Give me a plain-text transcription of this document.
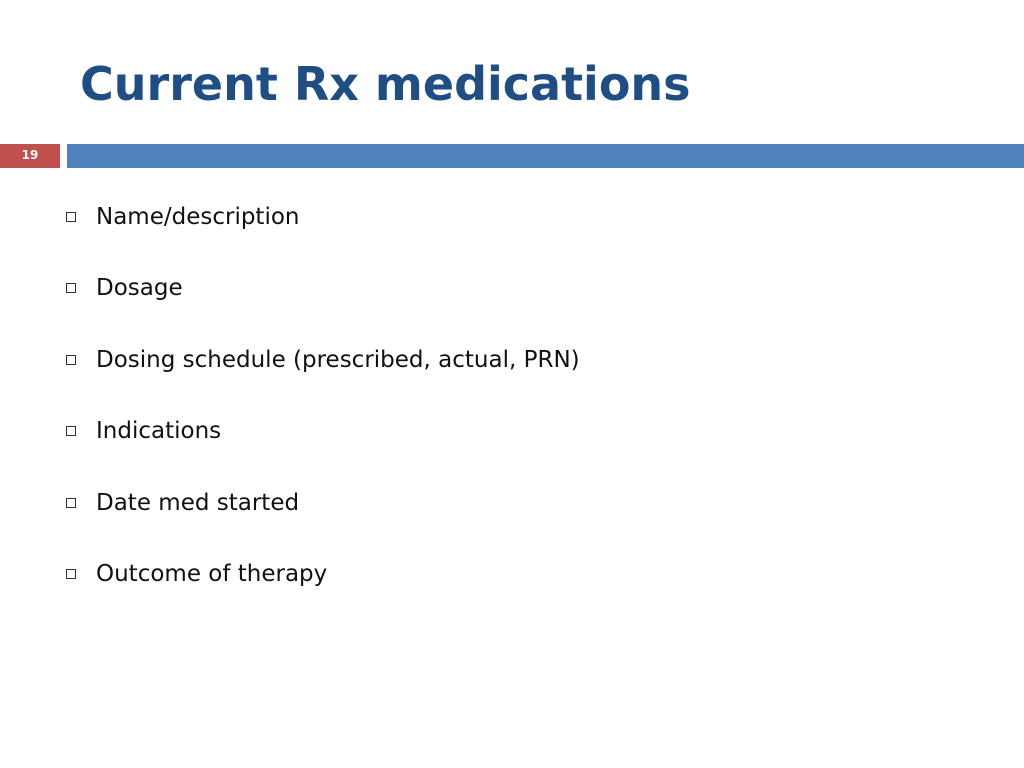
Current Rx medications
19
Name/description
Dosage
Dosing schedule (prescribed, actual, PRN)
Indications
Date med started
Outcome of therapy
